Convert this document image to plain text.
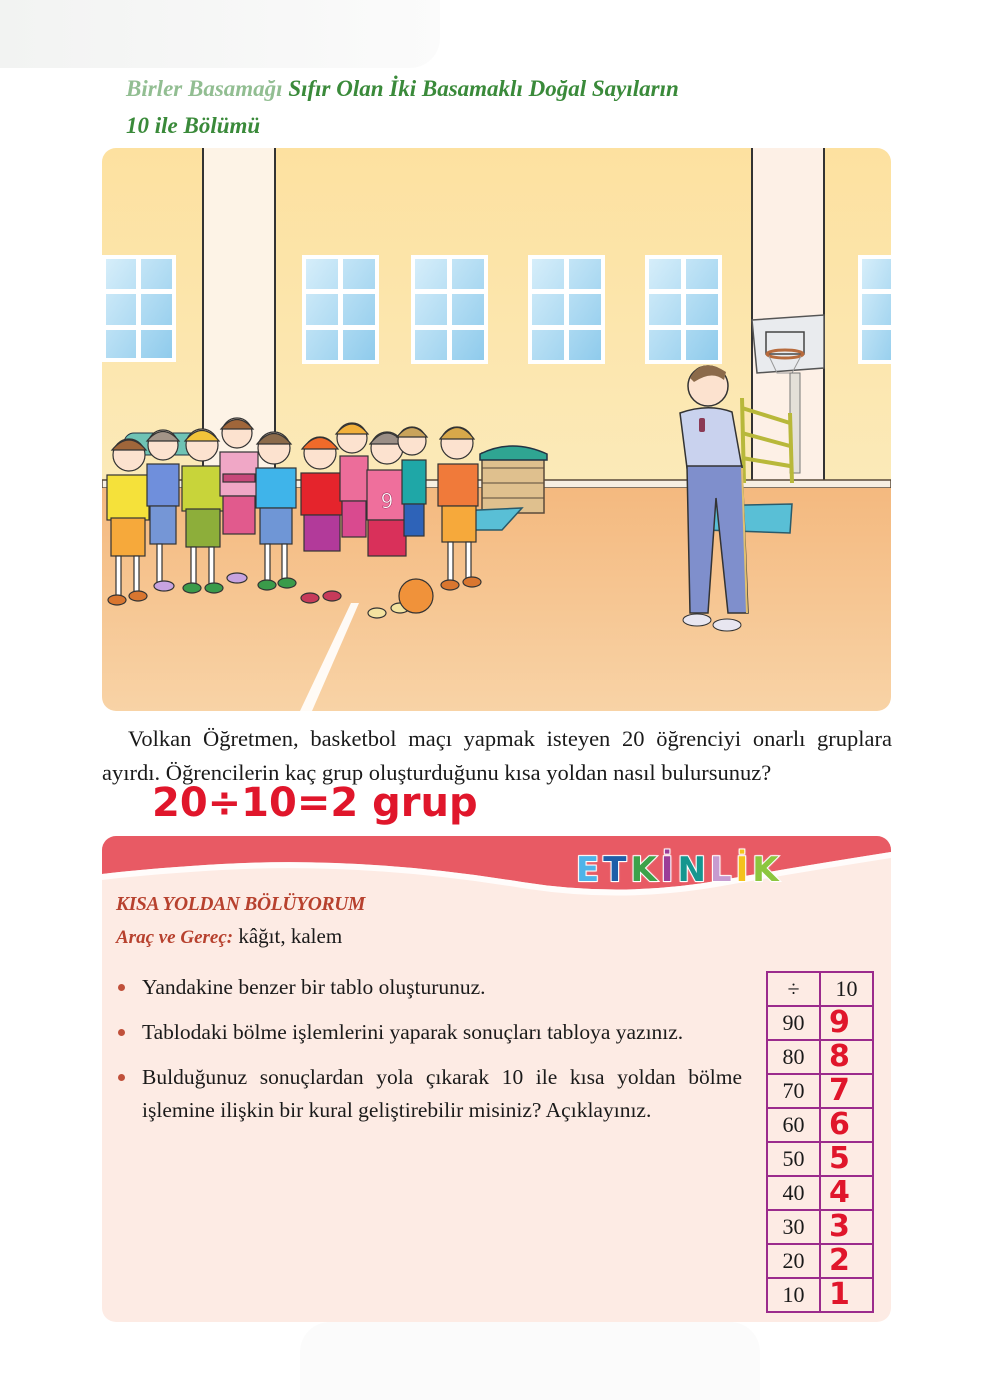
Birler Basamağı Sıfır Olan İki Basamaklı Doğal Sayıların
10 ile Bölümü
9

Volkan Öğretmen, basketbol maçı yapmak isteyen 20 öğrenciyi onarlı gruplara ayırdı. Öğrencilerin kaç grup oluşturduğunu kısa yoldan nasıl bulursunuz?

20÷10=2 grup
E T K İ N L İ K
KISA YOLDAN BÖLÜYORUM
Araç ve Gereç: kâğıt, kalem
Yandakine benzer bir tablo oluşturunuz.
Tablodaki bölme işlemlerini yaparak sonuçları tabloya yazınız.
Bulduğunuz sonuçlardan yola çıkarak 10 ile kısa yoldan bölme işlemine ilişkin bir kural geliştirebilir misiniz? Açıklayınız.
÷	10
90	9
80	8
70	7
60	6
50	5
40	4
30	3
20	2
10	1
